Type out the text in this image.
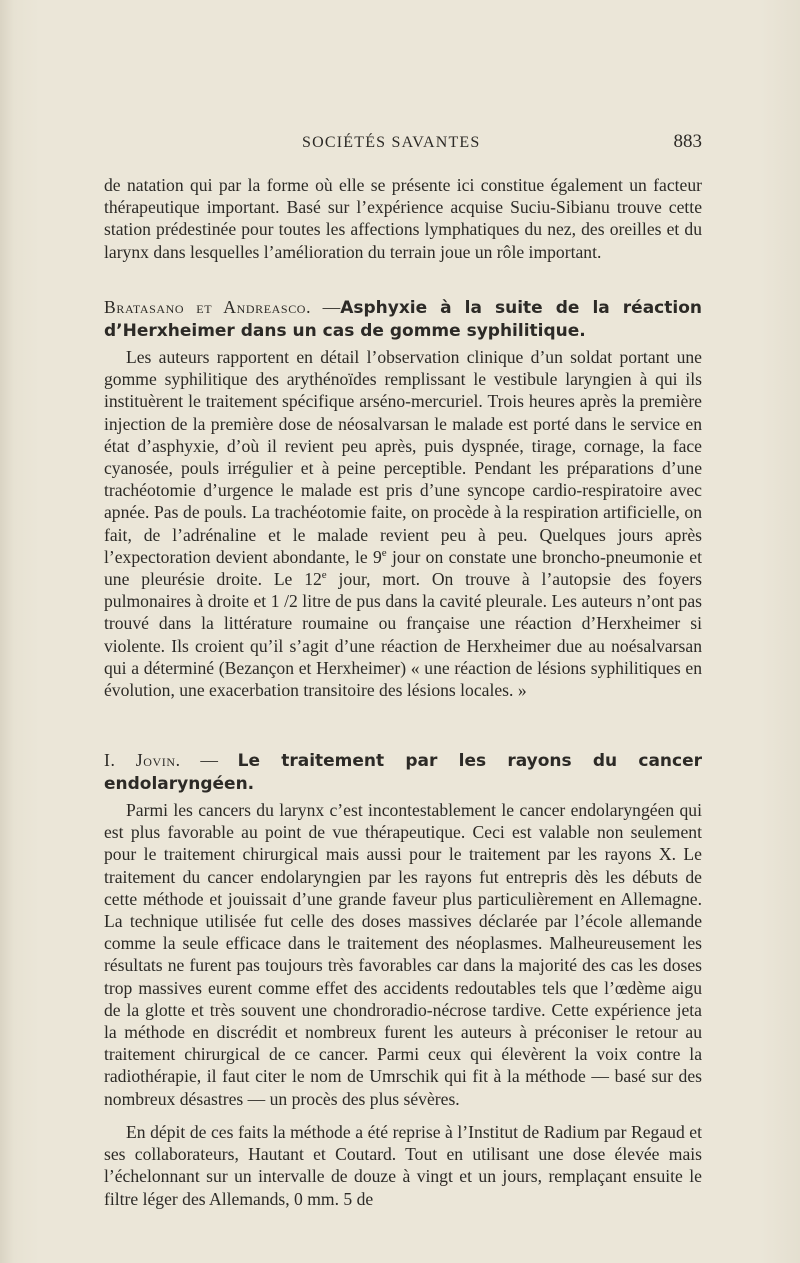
SOCIÉTÉS SAVANTES	883

de natation qui par la forme où elle se présente ici constitue également un facteur thérapeutique important. Basé sur l’expérience acquise Suciu-Sibianu trouve cette station prédestinée pour toutes les affections lymphatiques du nez, des oreilles et du larynx dans lesquelles l’amélioration du terrain joue un rôle important.

Bratasano et Andreasco. —Asphyxie à la suite de la réaction d’Herxheimer dans un cas de gomme syphilitique.

Les auteurs rapportent en détail l’observation clinique d’un soldat portant une gomme syphilitique des arythénoïdes remplissant le vestibule laryngien à qui ils instituèrent le traitement spécifique arséno-mercuriel. Trois heures après la première injection de la première dose de néosalvarsan le malade est porté dans le service en état d’asphyxie, d’où il revient peu après, puis dyspnée, tirage, cornage, la face cyanosée, pouls irrégulier et à peine perceptible. Pendant les préparations d’une trachéotomie d’urgence le malade est pris d’une syncope cardio-respiratoire avec apnée. Pas de pouls. La trachéotomie faite, on procède à la respiration artificielle, on fait, de l’adrénaline et le malade revient peu à peu. Quelques jours après l’expectoration devient abondante, le 9e jour on constate une broncho-pneumonie et une pleurésie droite. Le 12e jour, mort. On trouve à l’autopsie des foyers pulmonaires à droite et 1 /2 litre de pus dans la cavité pleurale. Les auteurs n’ont pas trouvé dans la littérature roumaine ou française une réaction d’Herxheimer si violente. Ils croient qu’il s’agit d’une réaction de Herxheimer due au noésalvarsan qui a déterminé (Bezançon et Herxheimer) « une réaction de lésions syphilitiques en évolution, une exacerbation transitoire des lésions locales. »

I. Jovin. — Le traitement par les rayons du cancer endolaryngéen.

Parmi les cancers du larynx c’est incontestablement le cancer endolaryngéen qui est plus favorable au point de vue thérapeutique. Ceci est valable non seulement pour le traitement chirurgical mais aussi pour le traitement par les rayons X. Le traitement du cancer endolaryngien par les rayons fut entrepris dès les débuts de cette méthode et jouissait d’une grande faveur plus particulièrement en Allemagne. La technique utilisée fut celle des doses massives déclarée par l’école allemande comme la seule efficace dans le traitement des néoplasmes. Malheureusement les résultats ne furent pas toujours très favorables car dans la majorité des cas les doses trop massives eurent comme effet des accidents redoutables tels que l’œdème aigu de la glotte et très souvent une chondroradio-nécrose tardive. Cette expérience jeta la méthode en discrédit et nombreux furent les auteurs à préconiser le retour au traitement chirurgical de ce cancer. Parmi ceux qui élevèrent la voix contre la radiothérapie, il faut citer le nom de Umrschik qui fit à la méthode — basé sur des nombreux désastres — un procès des plus sévères.

En dépit de ces faits la méthode a été reprise à l’Institut de Radium par Regaud et ses collaborateurs, Hautant et Coutard. Tout en utilisant une dose élevée mais l’échelonnant sur un intervalle de douze à vingt et un jours, remplaçant ensuite le filtre léger des Allemands, 0 mm. 5 de
